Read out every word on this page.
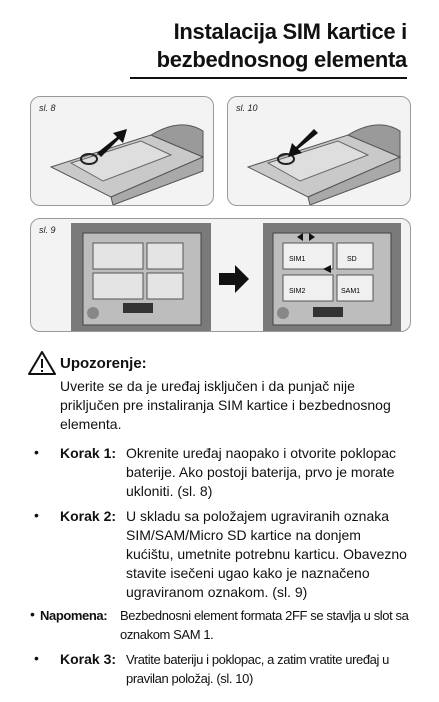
Instalacija SIM kartice i
bezbednosnog elementa
sl. 8	sl. 10
SIM1
SIM2	SAM1
SD
sl. 9
Upozorenje:
Uverite se da je uređaj isključen i da punjač nije priključen pre instaliranja SIM kartice i bezbednosnog elementa.
• Korak 1: Okrenite uređaj naopako i otvorite poklopac baterije. Ako postoji baterija, prvo je morate ukloniti. (sl. 8)
• Korak 2: U skladu sa položajem ugraviranih oznaka SIM/SAM/Micro SD kartice na donjem kućištu, umetnite potrebnu karticu. Obavezno stavite isečeni ugao kako je naznačeno ugraviranom oznakom. (sl. 9)
• Napomena: Bezbednosni element formata 2FF se stavlja u slot sa oznakom SAM 1.
• Korak 3: Vratite bateriju i poklopac, a zatim vratite uređaj u pravilan položaj. (sl. 10)
